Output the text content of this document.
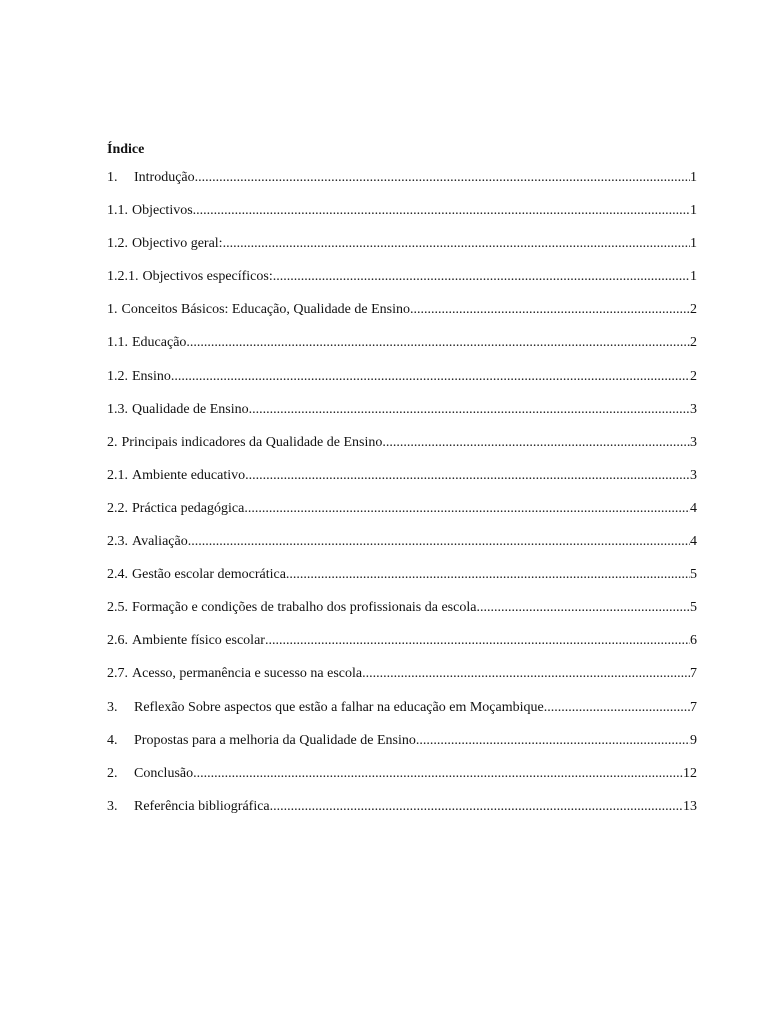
Índice
1.	Introdução .....	1
1.1. Objectivos .....	1
1.2. Objectivo geral: .....	1
1.2.1. Objectivos específicos: .....	1
1. Conceitos Básicos: Educação, Qualidade de Ensino .....	2
1.1. Educação .....	2
1.2. Ensino .....	2
1.3. Qualidade de Ensino .....	3
2. Principais indicadores da Qualidade de Ensino .....	3
2.1. Ambiente educativo .....	3
2.2. Práctica pedagógica .....	4
2.3. Avaliação .....	4
2.4. Gestão escolar democrática .....	5
2.5. Formação e condições de trabalho dos profissionais da escola .....	5
2.6. Ambiente físico escolar .....	6
2.7. Acesso, permanência e sucesso na escola .....	7
3.	Reflexão Sobre aspectos que estão a falhar na educação em Moçambique .....	7
4.	Propostas para a melhoria da Qualidade de Ensino .....	9
2.	Conclusão .....	12
3.	Referência bibliográfica .....	13
